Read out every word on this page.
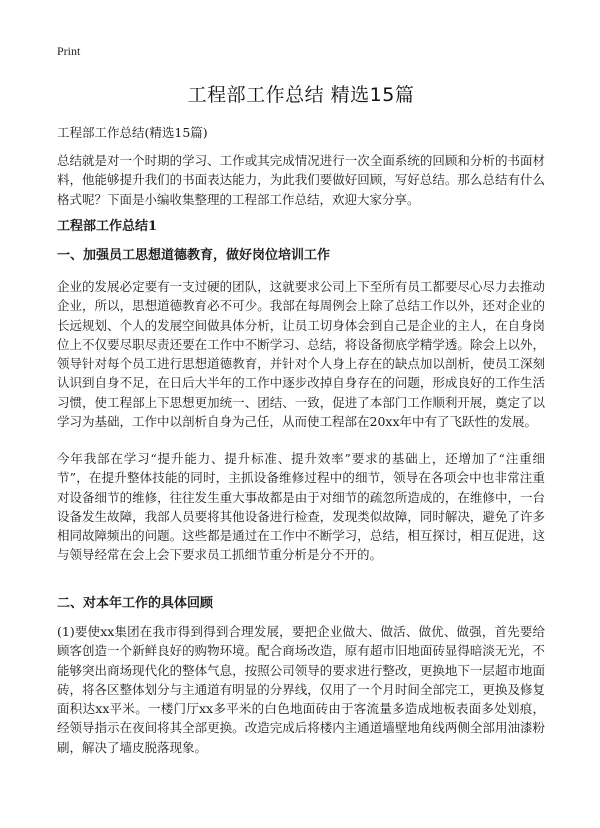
Print
工程部工作总结 精选15篇
工程部工作总结(精选15篇)
总结就是对一个时期的学习、工作或其完成情况进行一次全面系统的回顾和分析的书面材料，他能够提升我们的书面表达能力，为此我们要做好回顾，写好总结。那么总结有什么格式呢？下面是小编收集整理的工程部工作总结，欢迎大家分享。
工程部工作总结1
一、加强员工思想道德教育，做好岗位培训工作
企业的发展必定要有一支过硬的团队，这就要求公司上下至所有员工都要尽心尽力去推动企业，所以，思想道德教育必不可少。我部在每周例会上除了总结工作以外，还对企业的长远规划、个人的发展空间做具体分析，让员工切身体会到自己是企业的主人，在自身岗位上不仅要尽职尽责还要在工作中不断学习、总结，将设备彻底学精学透。除会上以外，领导针对每个员工进行思想道德教育，并针对个人身上存在的缺点加以剖析，使员工深刻认识到自身不足，在日后大半年的工作中逐步改掉自身存在的问题，形成良好的工作生活习惯，使工程部上下思想更加统一、团结、一致，促进了本部门工作顺利开展，奠定了以学习为基础，工作中以剖析自身为己任，从而使工程部在20xx年中有了飞跃性的发展。
今年我部在学习“提升能力、提升标准、提升效率”要求的基础上，还增加了“注重细节”，在提升整体技能的同时，主抓设备维修过程中的细节，领导在各项会中也非常注重对设备细节的维修，往往发生重大事故都是由于对细节的疏忽所造成的，在维修中，一台设备发生故障，我部人员要将其他设备进行检查，发现类似故障，同时解决，避免了许多相同故障频出的问题。这些都是通过在工作中不断学习，总结，相互探讨，相互促进，这与领导经常在会上会下要求员工抓细节重分析是分不开的。
二、对本年工作的具体回顾
(1)要使xx集团在我市得到得到合理发展，要把企业做大、做活、做优、做强，首先要给顾客创造一个新鲜良好的购物环境。配合商场改造，原有超市旧地面砖显得暗淡无光，不能够突出商场现代化的整体气息，按照公司领导的要求进行整改，更换地下一层超市地面砖，将各区整体划分与主通道有明显的分界线，仅用了一个月时间全部完工，更换及修复面积达xx平米。一楼门厅xx多平米的白色地面砖由于客流量多造成地板表面多处划痕，经领导指示在夜间将其全部更换。改造完成后将楼内主通道墙壁地角线两侧全部用油漆粉刷，解决了墙皮脱落现象。
